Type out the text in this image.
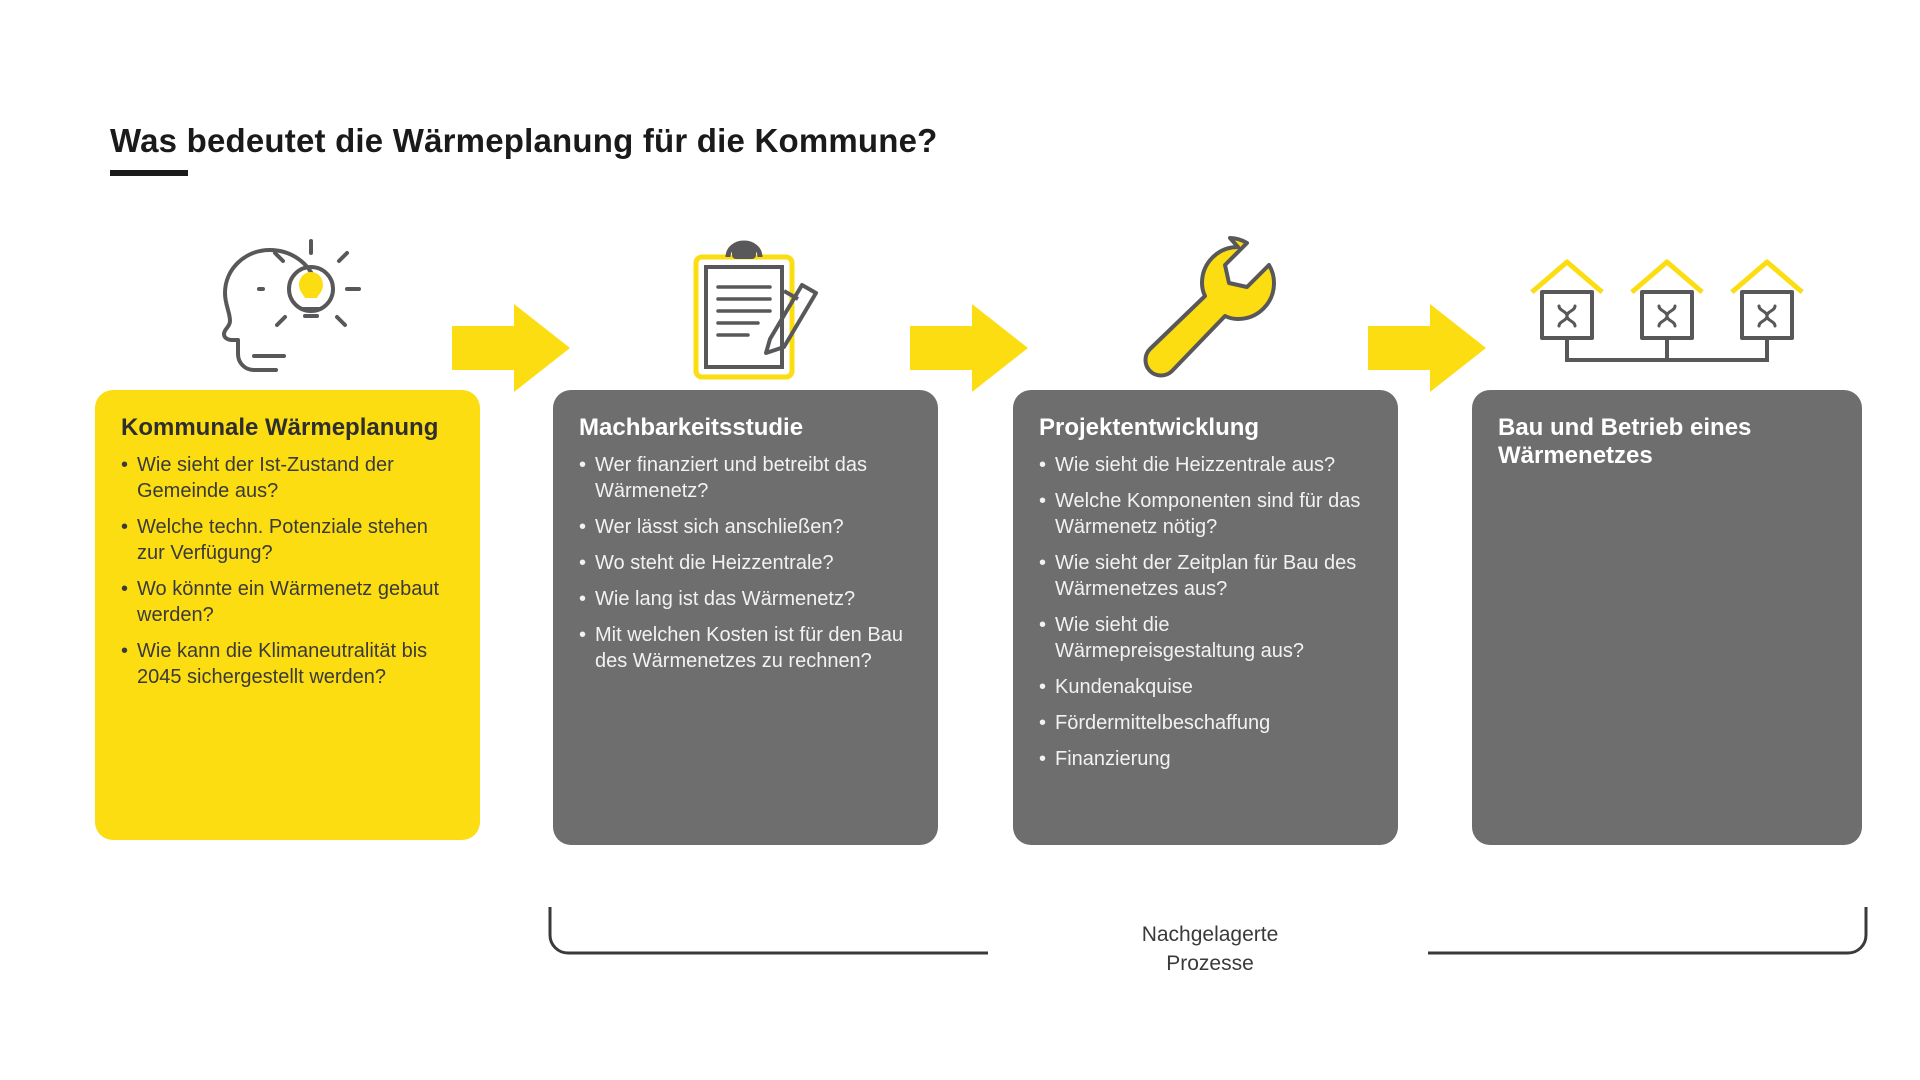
Was bedeutet die Wärmeplanung für die Kommune?
Kommunale Wärmeplanung
• Wie sieht der Ist-Zustand der Gemeinde aus?
• Welche techn. Potenziale stehen zur Verfügung?
• Wo könnte ein Wärmenetz gebaut werden?
• Wie kann die Klimaneutralität bis 2045 sichergestellt werden?
Machbarkeitsstudie
• Wer finanziert und betreibt das Wärmenetz?
• Wer lässt sich anschließen?
• Wo steht die Heizzentrale?
• Wie lang ist das Wärmenetz?
• Mit welchen Kosten ist für den Bau des Wärmenetzes zu rechnen?
Projektentwicklung
• Wie sieht die Heizzentrale aus?
• Welche Komponenten sind für das Wärmenetz nötig?
• Wie sieht der Zeitplan für Bau des Wärmenetzes aus?
• Wie sieht die Wärmepreisgestaltung aus?
• Kundenakquise
• Fördermittelbeschaffung
• Finanzierung
Bau und Betrieb eines Wärmenetzes
Nachgelagerte
Prozesse
